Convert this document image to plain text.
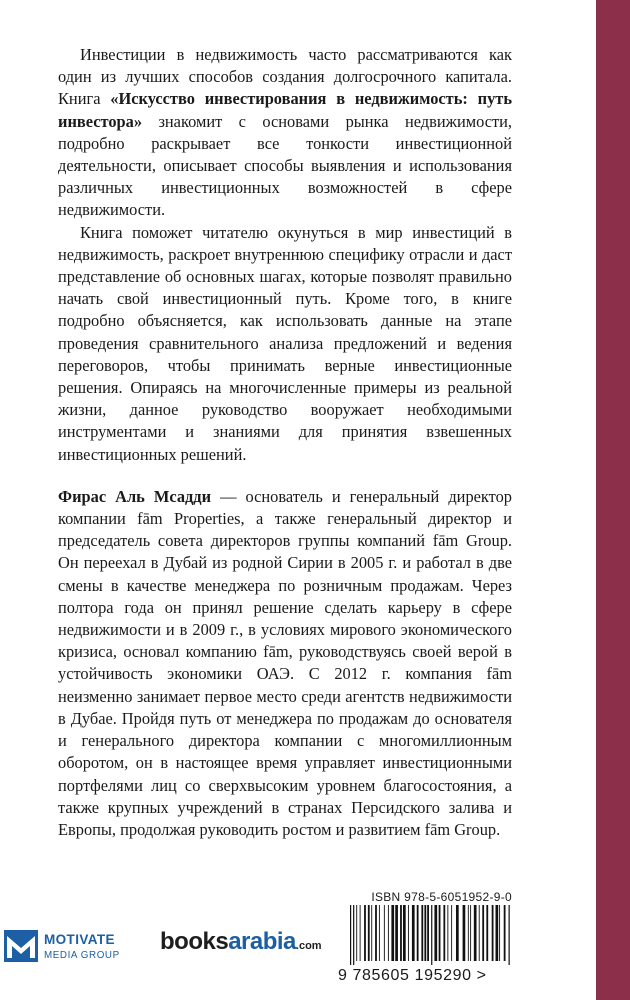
Инвестиции в недвижимость часто рассматриваются как один из лучших способов создания долгосрочного капитала. Книга «Искусство инвестирования в недвижимость: путь инвестора» знакомит с основами рынка недвижимости, подробно раскрывает все тонкости инвестиционной деятельности, описывает способы выявления и использования различных инвестиционных возможностей в сфере недвижимости.

Книга поможет читателю окунуться в мир инвестиций в недвижимость, раскроет внутреннюю специфику отрасли и даст представление об основных шагах, которые позволят правильно начать свой инвестиционный путь. Кроме того, в книге подробно объясняется, как использовать данные на этапе проведения сравнительного анализа предложений и ведения переговоров, чтобы принимать верные инвестиционные решения. Опираясь на многочисленные примеры из реальной жизни, данное руководство вооружает необходимыми инструментами и знаниями для принятия взвешенных инвестиционных решений.

Фирас Аль Мсадди — основатель и генеральный директор компании fām Properties, а также генеральный директор и председатель совета директоров группы компаний fām Group. Он переехал в Дубай из родной Сирии в 2005 г. и работал в две смены в качестве менеджера по розничным продажам. Через полтора года он принял решение сделать карьеру в сфере недвижимости и в 2009 г., в условиях мирового экономического кризиса, основал компанию fām, руководствуясь своей верой в устойчивость экономики ОАЭ. С 2012 г. компания fām неизменно занимает первое место среди агентств недвижимости в Дубае. Пройдя путь от менеджера по продажам до основателя и генерального директора компании с многомиллионным оборотом, он в настоящее время управляет инвестиционными портфелями лиц со сверхвысоким уровнем благосостояния, а также крупных учреждений в странах Персидского залива и Европы, продолжая руководить ростом и развитием fām Group.

MOTIVATE
MEDIA GROUP
booksarabia.com
ISBN 978-5-6051952-9-0
9 785605 195290 >
